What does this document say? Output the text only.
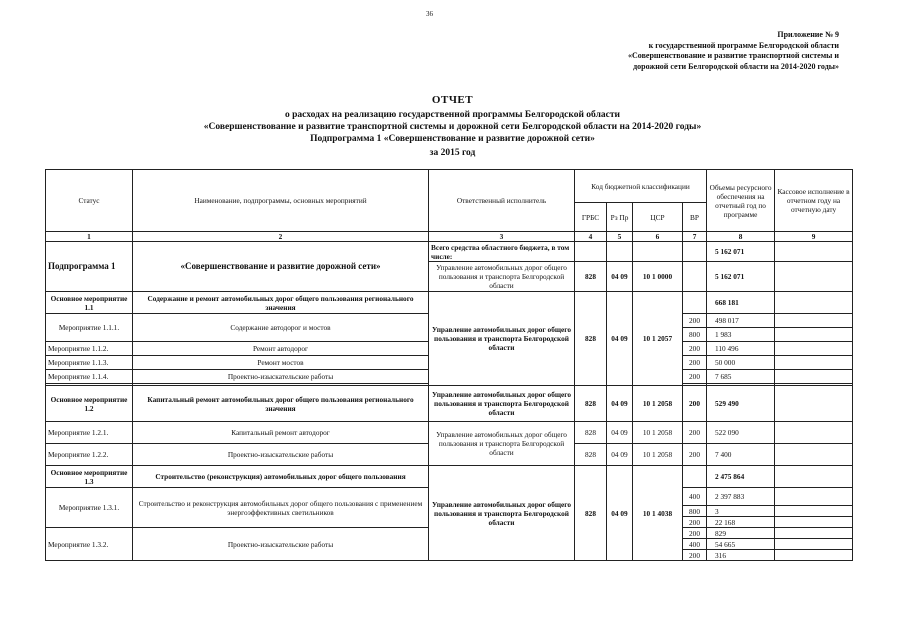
36
Приложение № 9
к государственной программе Белгородской области
«Совершенствование и развитие транспортной системы и
дорожной сети Белгородской области на 2014-2020 годы»
ОТЧЕТ
о расходах на реализацию государственной программы Белгородской области
«Совершенствование и развитие транспортной системы и дорожной сети Белгородской области на 2014-2020 годы»
Подпрограмма 1 «Совершенствование и развитие дорожной сети»
за 2015 год
Статус	Наименование, подпрограммы, основных мероприятий	Ответственный исполнитель	Код бюджетной классификации				Объемы ресурсного обеспечения на отчетный год по программе	Кассовое исполнение в отчетном году на отчетную дату
			ГРБС	Рз Пр	ЦСР	ВР		
1	2	3	4	5	6	7	8	9
Подпрограмма 1	«Совершенствование и развитие дорожной сети»	Всего средства областного бюджета, в том числе:					5 162 071	
		Управление автомобильных дорог общего пользования и транспорта Белгородской области	828	04 09	10 1 0000		5 162 071	
Основное мероприятие 1.1	Содержание и ремонт автомобильных дорог общего пользования регионального значения	Управление автомобильных дорог общего пользования и транспорта Белгородской области	828	04 09	10 1 2057		668 181	
Мероприятие 1.1.1.	Содержание автодорог и мостов					200	498 017	
						800	1 983	
Мероприятие 1.1.2.	Ремонт автодорог					200	110 496	
Мероприятие 1.1.3.	Ремонт мостов					200	50 000	
Мероприятие 1.1.4.	Проектно-изыскательские работы					200	7 685	

Основное мероприятие 1.2	Капитальный ремонт автомобильных дорог общего пользования регионального значения	Управление автомобильных дорог общего пользования и транспорта Белгородской области	828	04 09	10 1 2058	200	529 490	
Мероприятие 1.2.1.	Капитальный ремонт автодорог	Управление автомобильных дорог общего пользования и транспорта Белгородской области	828	04 09	10 1 2058	200	522 090	
Мероприятие 1.2.2.	Проектно-изыскательские работы		828	04 09	10 1 2058	200	7 400	
Основное мероприятие 1.3	Строительство (реконструкция) автомобильных дорог общего пользования	Управление автомобильных дорог общего пользования и транспорта Белгородской области	828	04 09	10 1 4038		2 475 864	
Мероприятие 1.3.1.	Строительство и реконструкция автомобильных дорог общего пользования с применением энергоэффективных светильников					400	2 397 883	
						800	3	
						200	22 168	
Мероприятие 1.3.2.	Проектно-изыскательские работы					200	829	
						400	54 665	
						200	316	
